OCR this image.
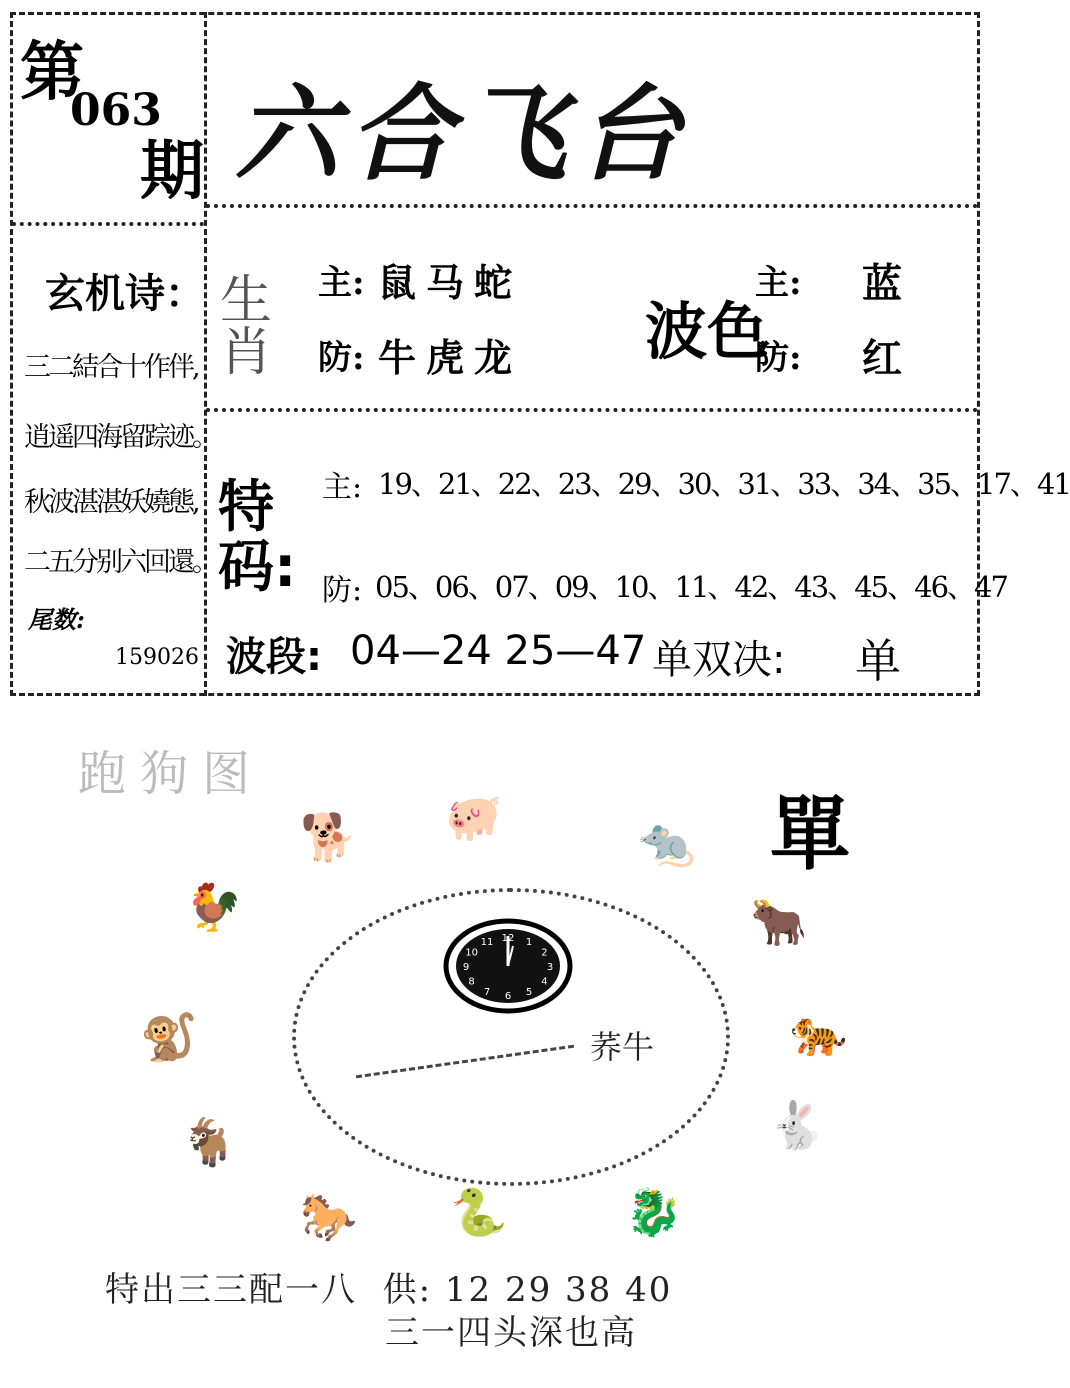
第
063
期 六合飞台
玄机诗：
三二結合十作伴,
逍遥四海留踪迹。
秋波湛湛妖嬈態,
二五分别六回還。
尾数:
159026
生肖
主: 鼠马蛇
防: 牛虎龙 波色
主: 蓝
防: 红
特码:
主: 19、21、22、23、29、30、31、33、34、35、17、41
防: 05、06、07、09、10、11、42、43、45、46、47
波段: 04—24 25—47 单双决: 单
跑狗图
單
12 1
2
3
4
5
6
7
8
9
10
11
荞牛
🐖	🐀
🐕
🐂
🐓
🐅
🐒
🐇
🐐
🐎 🐍	🐉
特出三三配一八  供: 12 29 38 40
三一四头深也高
